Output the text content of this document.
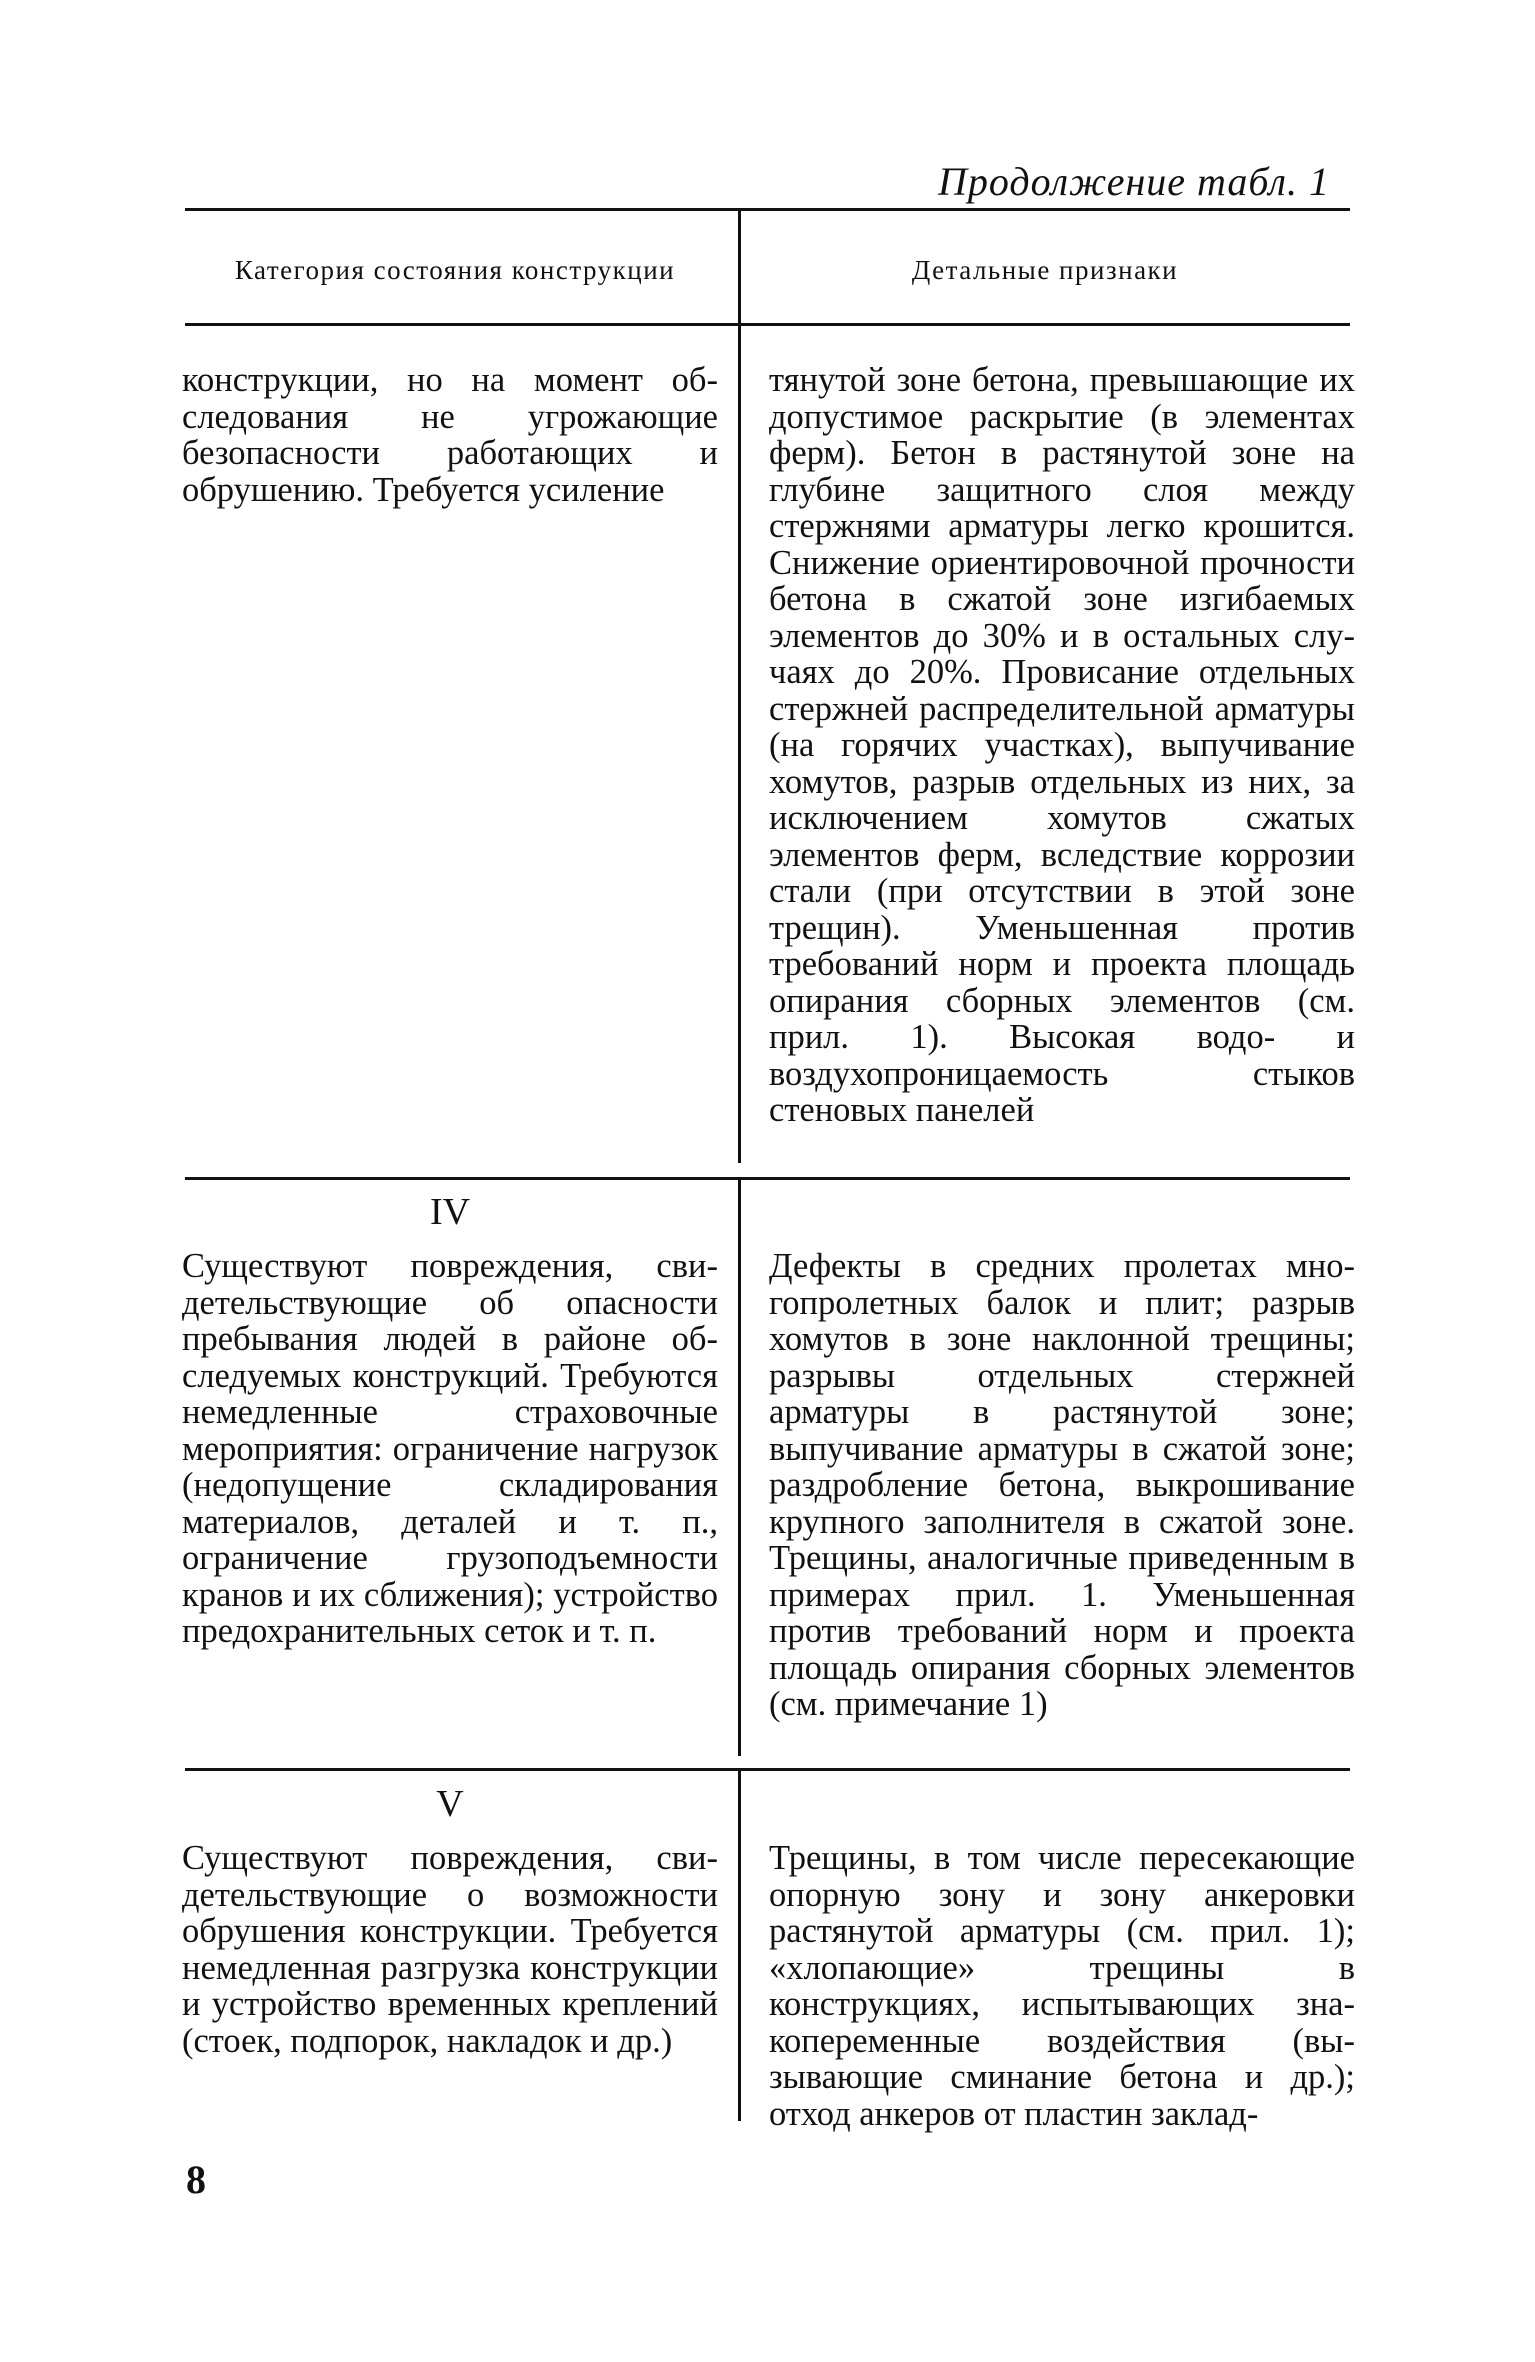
Продолжение табл. 1
Категория состояния конструкции	Детальные признаки
конструкции, но на момент обследования не угрожающие безопасности работающих и обрушению. Требуется усиление
тянутой зоне бетона, превышающие их допустимое раскрытие (в элементах ферм). Бетон в растянутой зоне на глубине защитного слоя между стержнями арматуры легко крошится. Снижение ориентировочной прочности бетона в сжатой зоне изгибаемых элементов до 30% и в остальных случаях до 20%. Провисание отдельных стержней распределительной арматуры (на горячих участках), выпучивание хомутов, разрыв отдельных из них, за исключением хомутов сжатых элементов ферм, вследствие коррозии стали (при отсутствии в этой зоне трещин). Уменьшенная против требований норм и проекта площадь опирания сборных элементов (см. прил. 1). Высокая водо- и воздухопроницаемость стыков стеновых панелей
IV
Существуют повреждения, свидетельствующие об опасности пребывания людей в районе обследуемых конструкций. Требуются немедленные страховочные мероприятия: ограничение нагрузок (недопущение складирования материалов, деталей и т. п., ограничение грузоподъемности кранов и их сближения); устройство предохранительных сеток и т. п.
Дефекты в средних пролетах многопролетных балок и плит; разрыв хомутов в зоне наклонной трещины; разрывы отдельных стержней арматуры в растянутой зоне; выпучивание арматуры в сжатой зоне; раздробление бетона, выкрошивание крупного заполнителя в сжатой зоне. Трещины, аналогичные приведенным в примерах прил. 1. Уменьшенная против требований норм и проекта площадь опирания сборных элементов (см. примечание 1)
V
Существуют повреждения, свидетельствующие о возможности обрушения конструкции. Требуется немедленная разгрузка конструкции и устройство временных креплений (стоек, подпорок, накладок и др.)
Трещины, в том числе пересекающие опорную зону и зону анкеровки растянутой арматуры (см. прил. 1); «хлопающие» трещины в конструкциях, испытывающих знакопеременные воздействия (вызывающие сминание бетона и др.); отход анкеров от пластин заклад-
8
